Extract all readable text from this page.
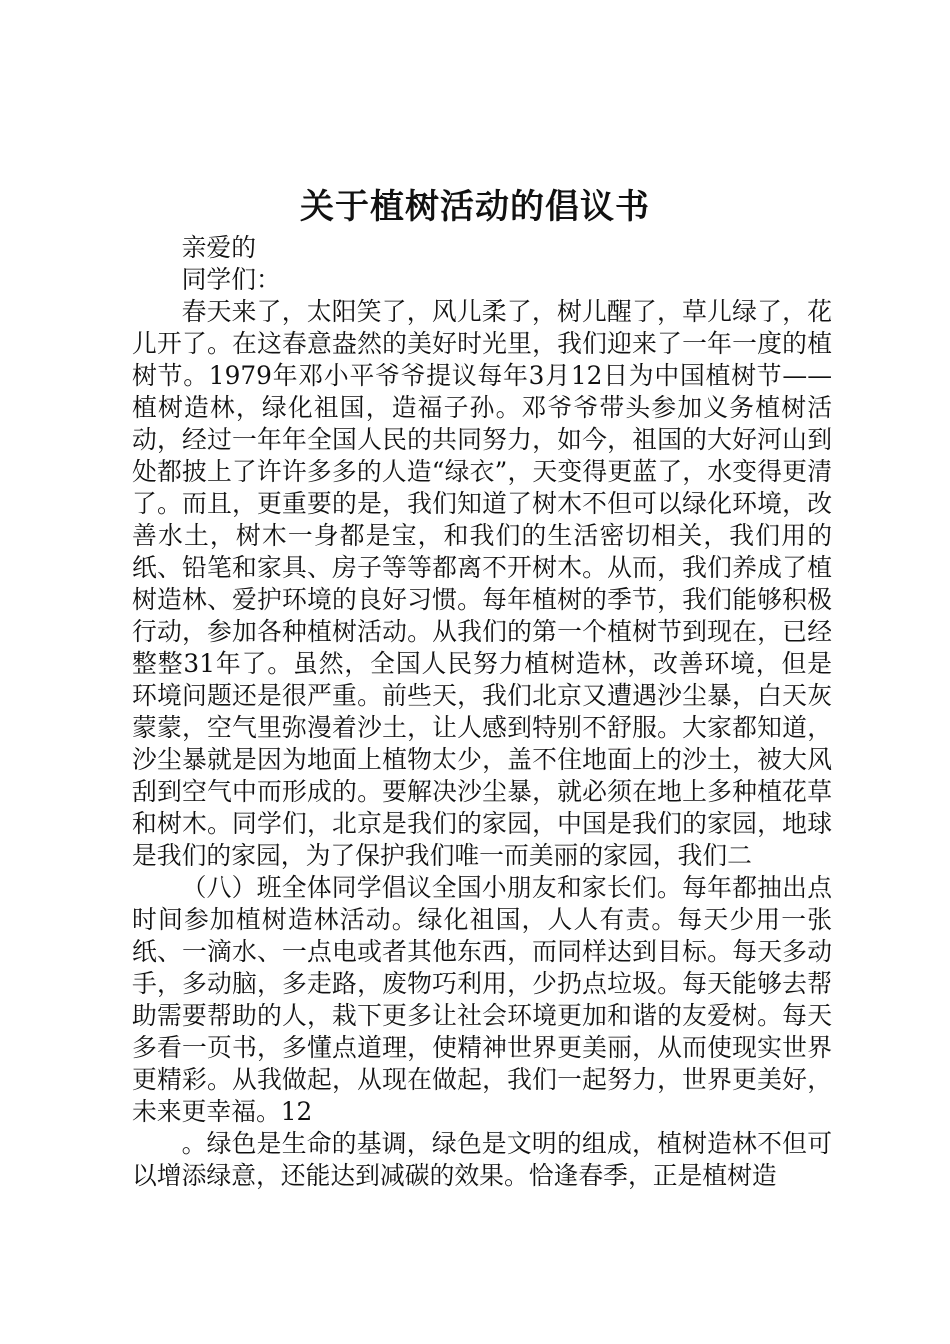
关于植树活动的倡议书

亲爱的

同学们：

春天来了，太阳笑了，风儿柔了，树儿醒了，草儿绿了，花儿开了。在这春意盎然的美好时光里，我们迎来了一年一度的植树节。1979年邓小平爷爷提议每年3月12日为中国植树节——植树造林，绿化祖国，造福子孙。邓爷爷带头参加义务植树活动，经过一年年全国人民的共同努力，如今，祖国的大好河山到处都披上了许许多多的人造“绿衣”，天变得更蓝了，水变得更清了。而且，更重要的是，我们知道了树木不但可以绿化环境，改善水土，树木一身都是宝，和我们的生活密切相关，我们用的纸、铅笔和家具、房子等等都离不开树木。从而，我们养成了植树造林、爱护环境的良好习惯。每年植树的季节，我们能够积极行动，参加各种植树活动。从我们的第一个植树节到现在，已经整整31年了。虽然，全国人民努力植树造林，改善环境，但是环境问题还是很严重。前些天，我们北京又遭遇沙尘暴，白天灰蒙蒙，空气里弥漫着沙土，让人感到特别不舒服。大家都知道，沙尘暴就是因为地面上植物太少，盖不住地面上的沙土，被大风刮到空气中而形成的。要解决沙尘暴，就必须在地上多种植花草和树木。同学们，北京是我们的家园，中国是我们的家园，地球是我们的家园，为了保护我们唯一而美丽的家园，我们二

（八）班全体同学倡议全国小朋友和家长们。每年都抽出点时间参加植树造林活动。绿化祖国，人人有责。每天少用一张纸、一滴水、一点电或者其他东西，而同样达到目标。每天多动手，多动脑，多走路，废物巧利用，少扔点垃圾。每天能够去帮助需要帮助的人，栽下更多让社会环境更加和谐的友爱树。每天多看一页书，多懂点道理，使精神世界更美丽，从而使现实世界更精彩。从我做起，从现在做起，我们一起努力，世界更美好，未来更幸福。12

。绿色是生命的基调，绿色是文明的组成，植树造林不但可以增添绿意，还能达到减碳的效果。恰逢春季，正是植树造
